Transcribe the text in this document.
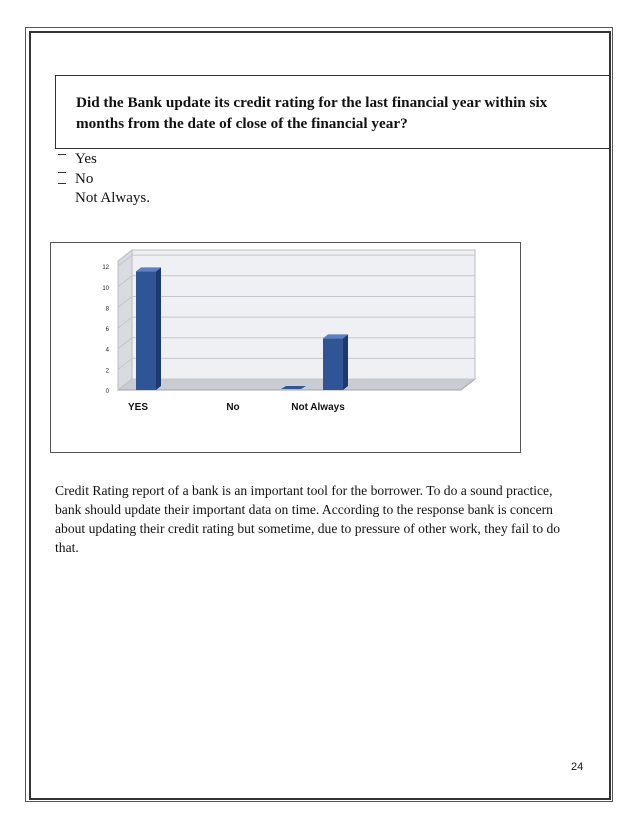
Did the Bank update its credit rating for the last financial year within six months from the date of close of the financial year?
Yes
No
Not Always.
0
2
4
6
8
10
12
YES	No	Not Always
Credit Rating report of a bank is an important tool for the borrower. To do a sound practice, bank should update their important data on time. According to the response bank is concern about updating their credit rating but sometime, due to pressure of other work, they fail to do that.
24
